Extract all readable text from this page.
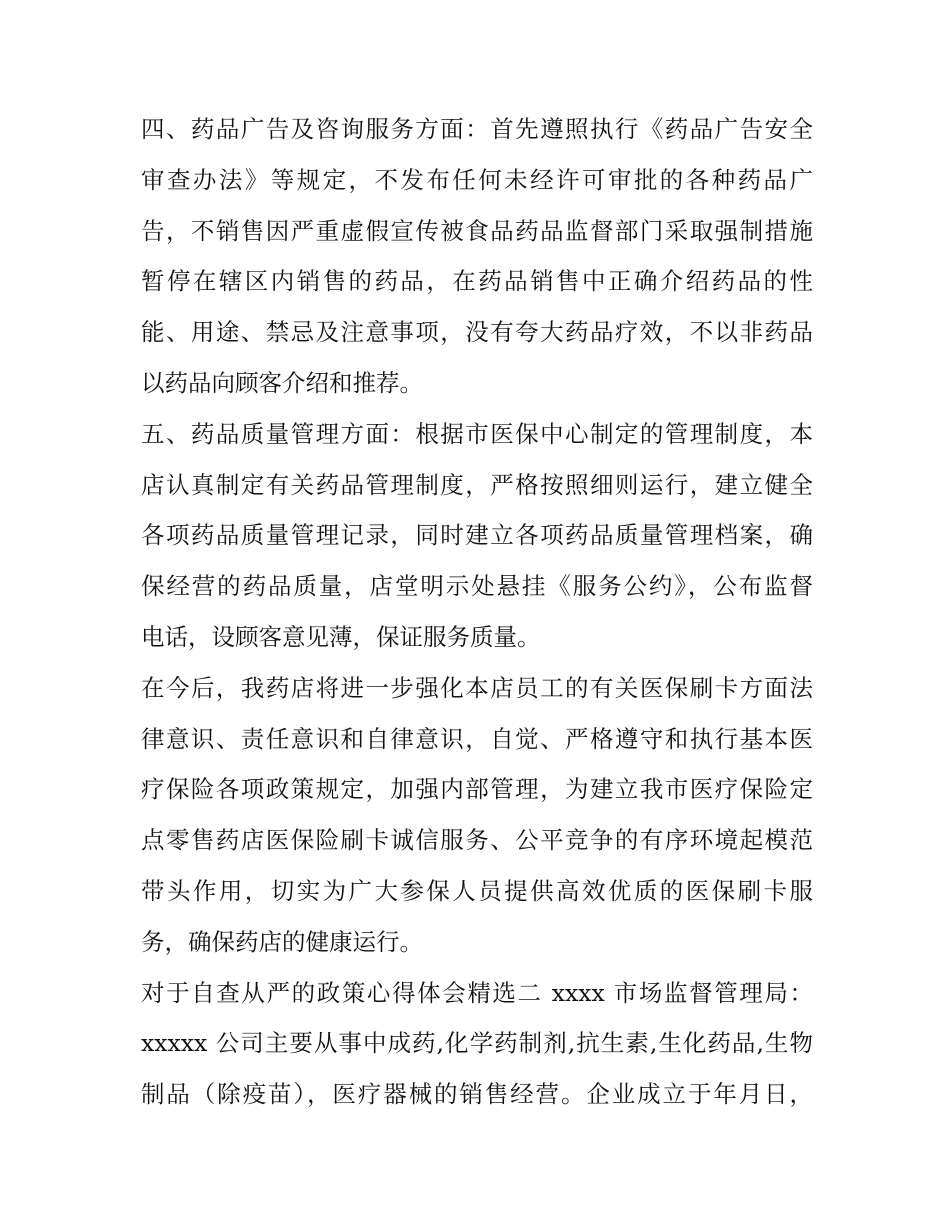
四、药品广告及咨询服务方面：首先遵照执行《药品广告安全
审查办法》等规定，不发布任何未经许可审批的各种药品广
告，不销售因严重虚假宣传被食品药品监督部门采取强制措施
暂停在辖区内销售的药品，在药品销售中正确介绍药品的性
能、用途、禁忌及注意事项，没有夸大药品疗效，不以非药品
以药品向顾客介绍和推荐。
五、药品质量管理方面：根据市医保中心制定的管理制度，本
店认真制定有关药品管理制度，严格按照细则运行，建立健全
各项药品质量管理记录，同时建立各项药品质量管理档案，确
保经营的药品质量，店堂明示处悬挂《服务公约》，公布监督
电话，设顾客意见薄，保证服务质量。
在今后，我药店将进一步强化本店员工的有关医保刷卡方面法
律意识、责任意识和自律意识，自觉、严格遵守和执行基本医
疗保险各项政策规定，加强内部管理，为建立我市医疗保险定
点零售药店医保险刷卡诚信服务、公平竞争的有序环境起模范
带头作用，切实为广大参保人员提供高效优质的医保刷卡服
务，确保药店的健康运行。
对于自查从严的政策心得体会精选二 xxxx 市场监督管理局：
xxxxx 公司主要从事中成药,化学药制剂,抗生素,生化药品,生物
制品（除疫苗），医疗器械的销售经营。企业成立于年月日，
